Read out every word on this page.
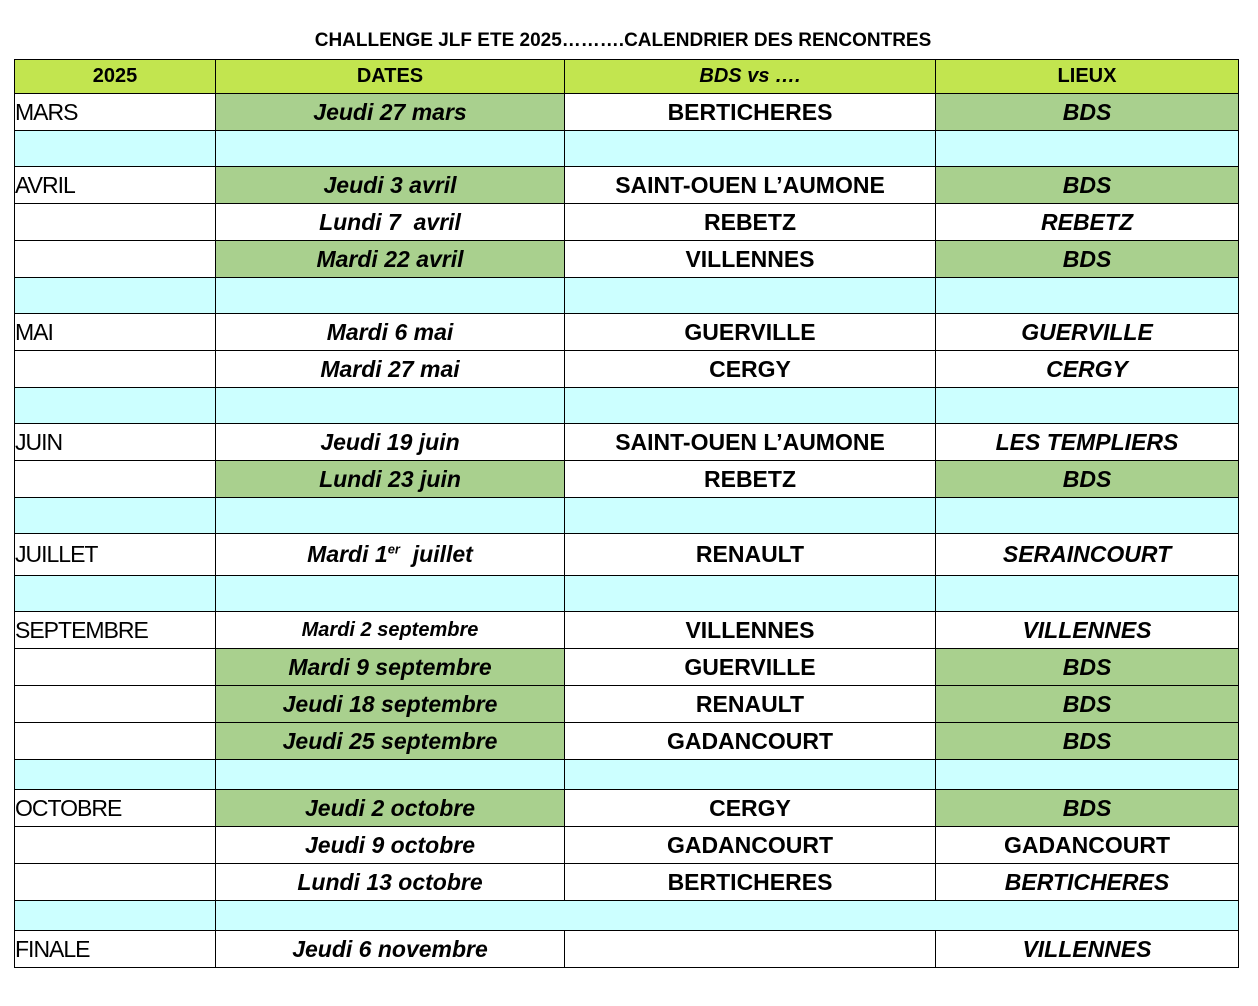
CHALLENGE JLF ETE 2025……….CALENDRIER DES RENCONTRES
2025	DATES	BDS vs ….	LIEUX
MARS	Jeudi 27 mars	BERTICHERES	BDS

AVRIL	Jeudi 3 avril	SAINT-OUEN L’AUMONE	BDS
	Lundi 7  avril	REBETZ	REBETZ
	Mardi 22 avril	VILLENNES	BDS

MAI	Mardi 6 mai	GUERVILLE	GUERVILLE
	Mardi 27 mai	CERGY	CERGY

JUIN	Jeudi 19 juin	SAINT-OUEN L’AUMONE	LES TEMPLIERS
	Lundi 23 juin	REBETZ	BDS

JUILLET	Mardi 1er juillet	RENAULT	SERAINCOURT

SEPTEMBRE	Mardi 2 septembre	VILLENNES	VILLENNES
	Mardi 9 septembre	GUERVILLE	BDS
	Jeudi 18 septembre	RENAULT	BDS
	Jeudi 25 septembre	GADANCOURT	BDS

OCTOBRE	Jeudi 2 octobre	CERGY	BDS
	Jeudi 9 octobre	GADANCOURT	GADANCOURT
	Lundi 13 octobre	BERTICHERES	BERTICHERES

FINALE	Jeudi 6 novembre		VILLENNES
